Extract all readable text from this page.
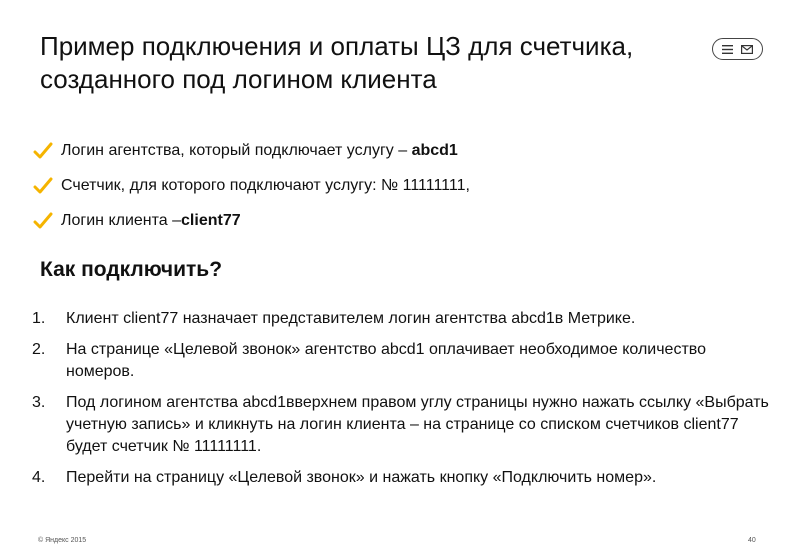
Пример подключения и оплаты ЦЗ для счетчика,
созданного под логином клиента
Логин агентства, который подключает услугу – abcd1
Счетчик, для которого подключают услугу: № 11111111,
Логин клиента –client77
Как подключить?
1.	Клиент client77 назначает представителем логин агентства abcd1в Метрике.
2.	На странице «Целевой звонок» агентство abcd1 оплачивает необходимое количество номеров.
3.	Под логином агентства abcd1вверхнем правом углу страницы нужно нажать ссылку «Выбрать учетную запись» и кликнуть на логин клиента – на странице со списком счетчиков client77 будет счетчик № 11111111.
4.	Перейти на страницу «Целевой звонок» и нажать кнопку «Подключить номер».
© Яндекс 2015	40
